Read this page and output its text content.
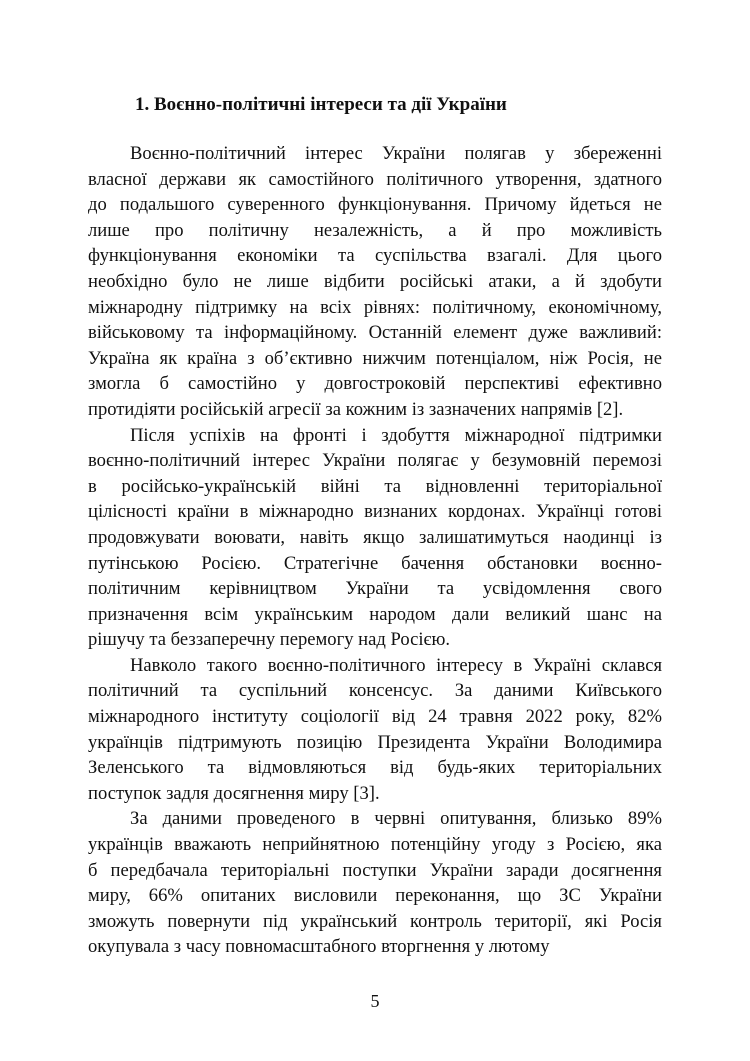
1. Воєнно-політичні інтереси та дії України
Воєнно-політичний інтерес України полягав у збереженні
власної держави як самостійного політичного утворення, здатного
до подальшого суверенного функціонування. Причому йдеться не
лише про політичну незалежність, а й про можливість
функціонування економіки та суспільства взагалі. Для цього
необхідно було не лише відбити російські атаки, а й здобути
міжнародну підтримку на всіх рівнях: політичному, економічному,
військовому та інформаційному. Останній елемент дуже важливий:
Україна як країна з об’єктивно нижчим потенціалом, ніж Росія, не
змогла б самостійно у довгостроковій перспективі ефективно
протидіяти російській агресії за кожним із зазначених напрямів [2].
Після успіхів на фронті і здобуття міжнародної підтримки
воєнно-політичний інтерес України полягає у безумовній перемозі
в російсько-українській війні та відновленні територіальної
цілісності країни в міжнародно визнаних кордонах. Українці готові
продовжувати воювати, навіть якщо залишатимуться наодинці із
путінською Росією. Стратегічне бачення обстановки воєнно-
політичним керівництвом України та усвідомлення свого
призначення всім українським народом дали великий шанс на
рішучу та беззаперечну перемогу над Росією.
Навколо такого воєнно-політичного інтересу в Україні склався
політичний та суспільний консенсус. За даними Київського
міжнародного інституту соціології від 24 травня 2022 року, 82%
українців підтримують позицію Президента України Володимира
Зеленського та відмовляються від будь-яких територіальних
поступок задля досягнення миру [3].
За даними проведеного в червні опитування, близько 89%
українців вважають неприйнятною потенційну угоду з Росією, яка
б передбачала територіальні поступки України заради досягнення
миру, 66% опитаних висловили переконання, що ЗС України
зможуть повернути під український контроль території, які Росія
окупувала з часу повномасштабного вторгнення у лютому
5
